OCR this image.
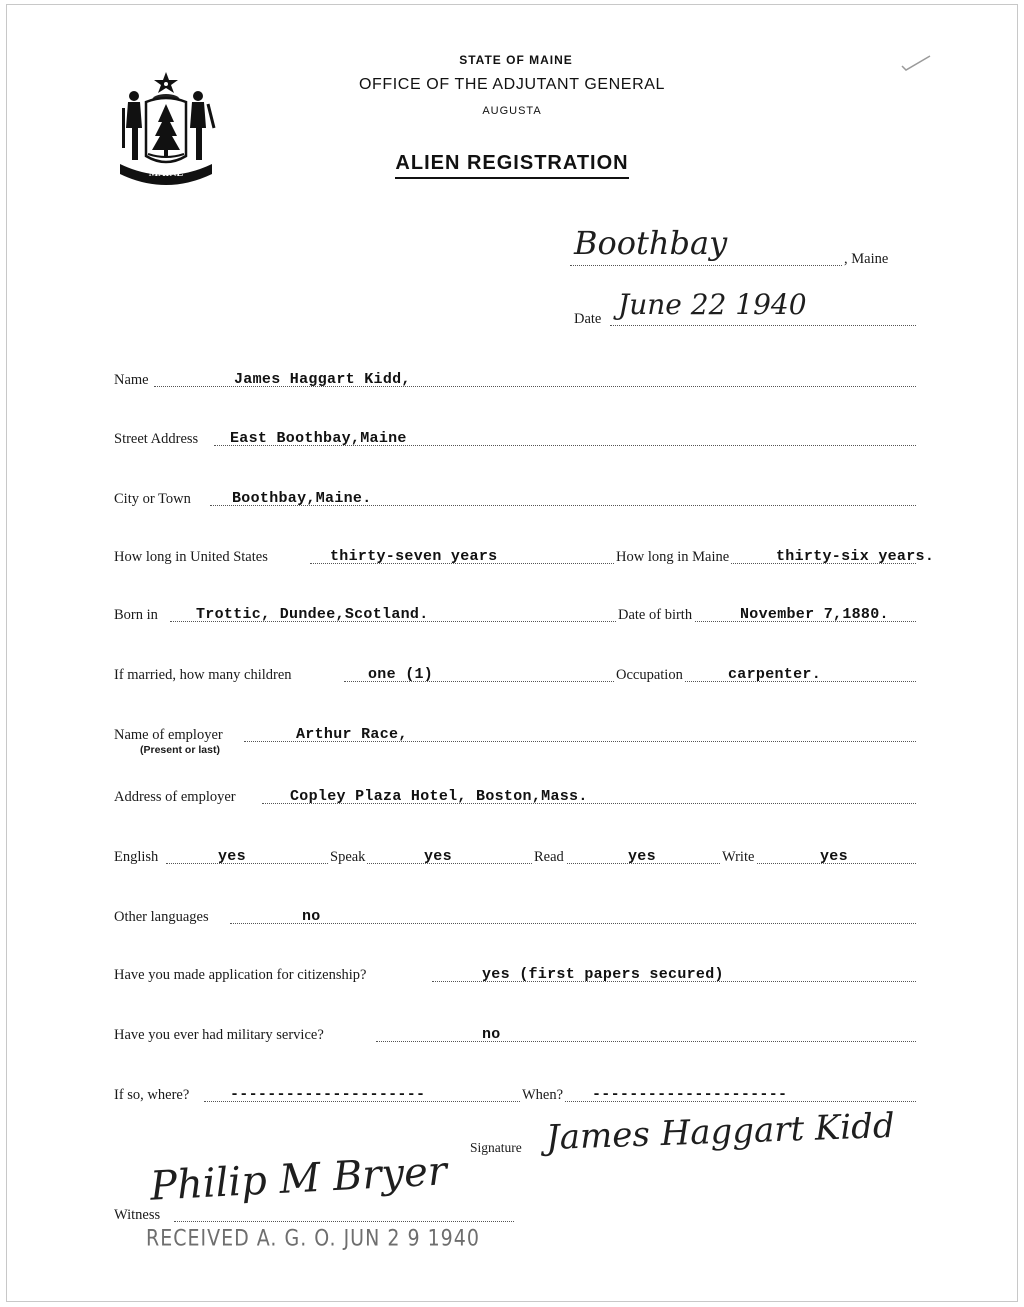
MAINE
STATE OF MAINE
OFFICE OF THE ADJUTANT GENERAL
AUGUSTA
ALIEN REGISTRATION
Boothbay	, Maine
Date June 22 1940
Name	James Haggart Kidd,
Street Address East Boothbay,Maine
City or Town	Boothbay,Maine.
How long in United States	thirty-seven years	How long in Maine	thirty-six years.
Born in	Trottic, Dundee,Scotland.	Date of birth	November 7,1880.
If married, how many children	one (1)	Occupation	carpenter.
Name of employer	Arthur Race,
(Present or last)
Address of employer	Copley Plaza Hotel, Boston,Mass.
English	yes	Speak	yes	Read	yes	Write	yes
Other languages	no
Have you made application for citizenship?	yes (first papers secured)
Have you ever had military service?	no
If so, where?	---------------------	When? ---------------------
Signature James Haggart Kidd
Witness
Philip M Bryer
RECEIVED A. G. O. JUN 2 9 1940
